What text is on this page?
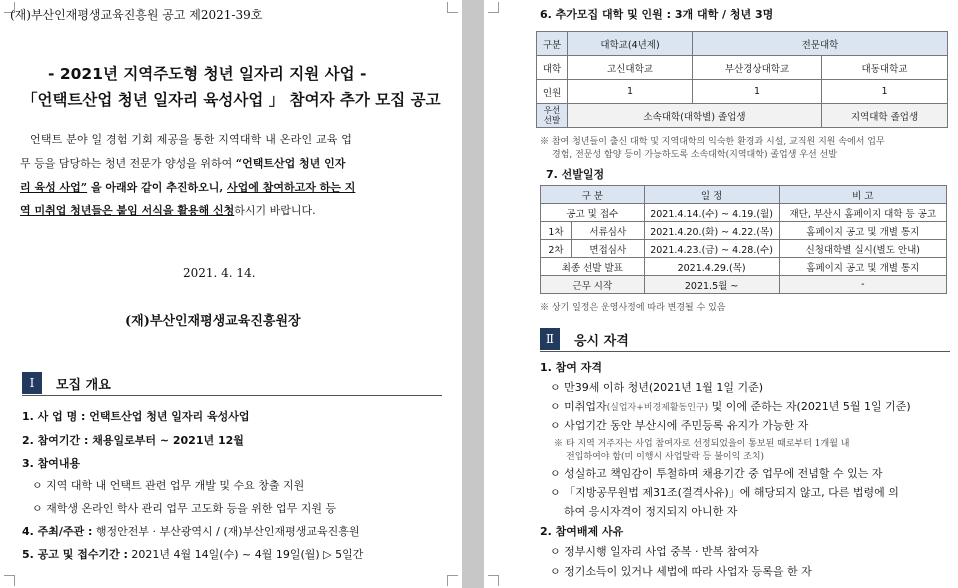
(재)부산인재평생교육진흥원 공고 제2021-39호
- 2021년 지역주도형 청년 일자리 지원 사업 -
「언택트산업 청년 일자리 육성사업 」 참여자 추가 모집 공고
언택트 분야 일 경험 기회 제공을 통한 지역대학 내 온라인 교육 업
무 등을 담당하는 청년 전문가 양성을 위하여 “언택트산업 청년 인자
리 육성 사업” 을 아래와 같이 추진하오니, 사업에 참여하고자 하는 지
역 미취업 청년들은 붙임 서식을 활용해 신청하시기 바랍니다.
2021. 4. 14.
(재)부산인재평생교육진흥원장
Ⅰ	모집 개요
1. 사 업 명 : 언택트산업 청년 일자리 육성사업
2. 참여기간 : 채용일로부터 ~ 2021년 12월
3. 참여내용
ㅇ 지역 대학 내 언택트 관련 업무 개발 및 수요 창출 지원
ㅇ 재학생 온라인 학사 관리 업무 고도화 등을 위한 업무 지원 등
4. 주최/주관 : 행정안전부 · 부산광역시 / (재)부산인재평생교육진흥원
5. 공고 및 접수기간 : 2021년 4월 14일(수) ~ 4월 19일(월) ▷ 5일간
6. 추가모집 대학 및 인원 : 3개 대학 / 청년 3명
구분	대학교(4년제)	전문대학	
대학	고신대학교	부산경상대학교	대동대학교
인원	1	1	1
우선
선발	소속대학(대학별) 졸업생		지역대학 졸업생
※ 참여 청년들이 출신 대학 및 지역대학의 익숙한 환경과 시설, 교직원 지원 속에서 업무
경험, 전문성 함양 등이 가능하도록 소속대학(지역대학) 졸업생 우선 선발
7. 선발일정
구 분		일 정	비 고
공고 및 접수		2021.4.14.(수) ~ 4.19.(월)	재단, 부산시 홈페이지 대학 등 공고
1차	서류심사	2021.4.20.(화) ~ 4.22.(목)	홈페이지 공고 및 개별 통지
2차	면접심사	2021.4.23.(금) ~ 4.28.(수)	신청대학별 실시(별도 안내)
최종 선발 발표		2021.4.29.(목)	홈페이지 공고 및 개별 통지
근무 시작		2021.5월 ~	-
※ 상기 일정은 운영사정에 따라 변경될 수 있음
Ⅱ	응시 자격
1. 참여 자격
ㅇ 만39세 이하 청년(2021년 1월 1일 기준)
ㅇ 미취업자(실업자+비경제활동인구) 및 이에 준하는 자(2021년 5월 1일 기준)
ㅇ 사업기간 동안 부산시에 주민등록 유지가 가능한 자
※ 타 지역 거주자는 사업 참여자로 선정되었을이 통보된 때로부터 1개월 내
전입하여야 함(미 이행시 사업탈락 등 불이익 조치)
ㅇ 성실하고 책임감이 투철하며 채용기간 중 업무에 전념할 수 있는 자
ㅇ 「지방공무원법 제31조(결격사유)」에 해당되지 않고, 다른 법령에 의
하여 응시자격이 정지되지 아니한 자
2. 참여배제 사유
ㅇ 정부시행 일자리 사업 중복 · 반복 참여자
ㅇ 정기소득이 있거나 세법에 따라 사업자 등록을 한 자
